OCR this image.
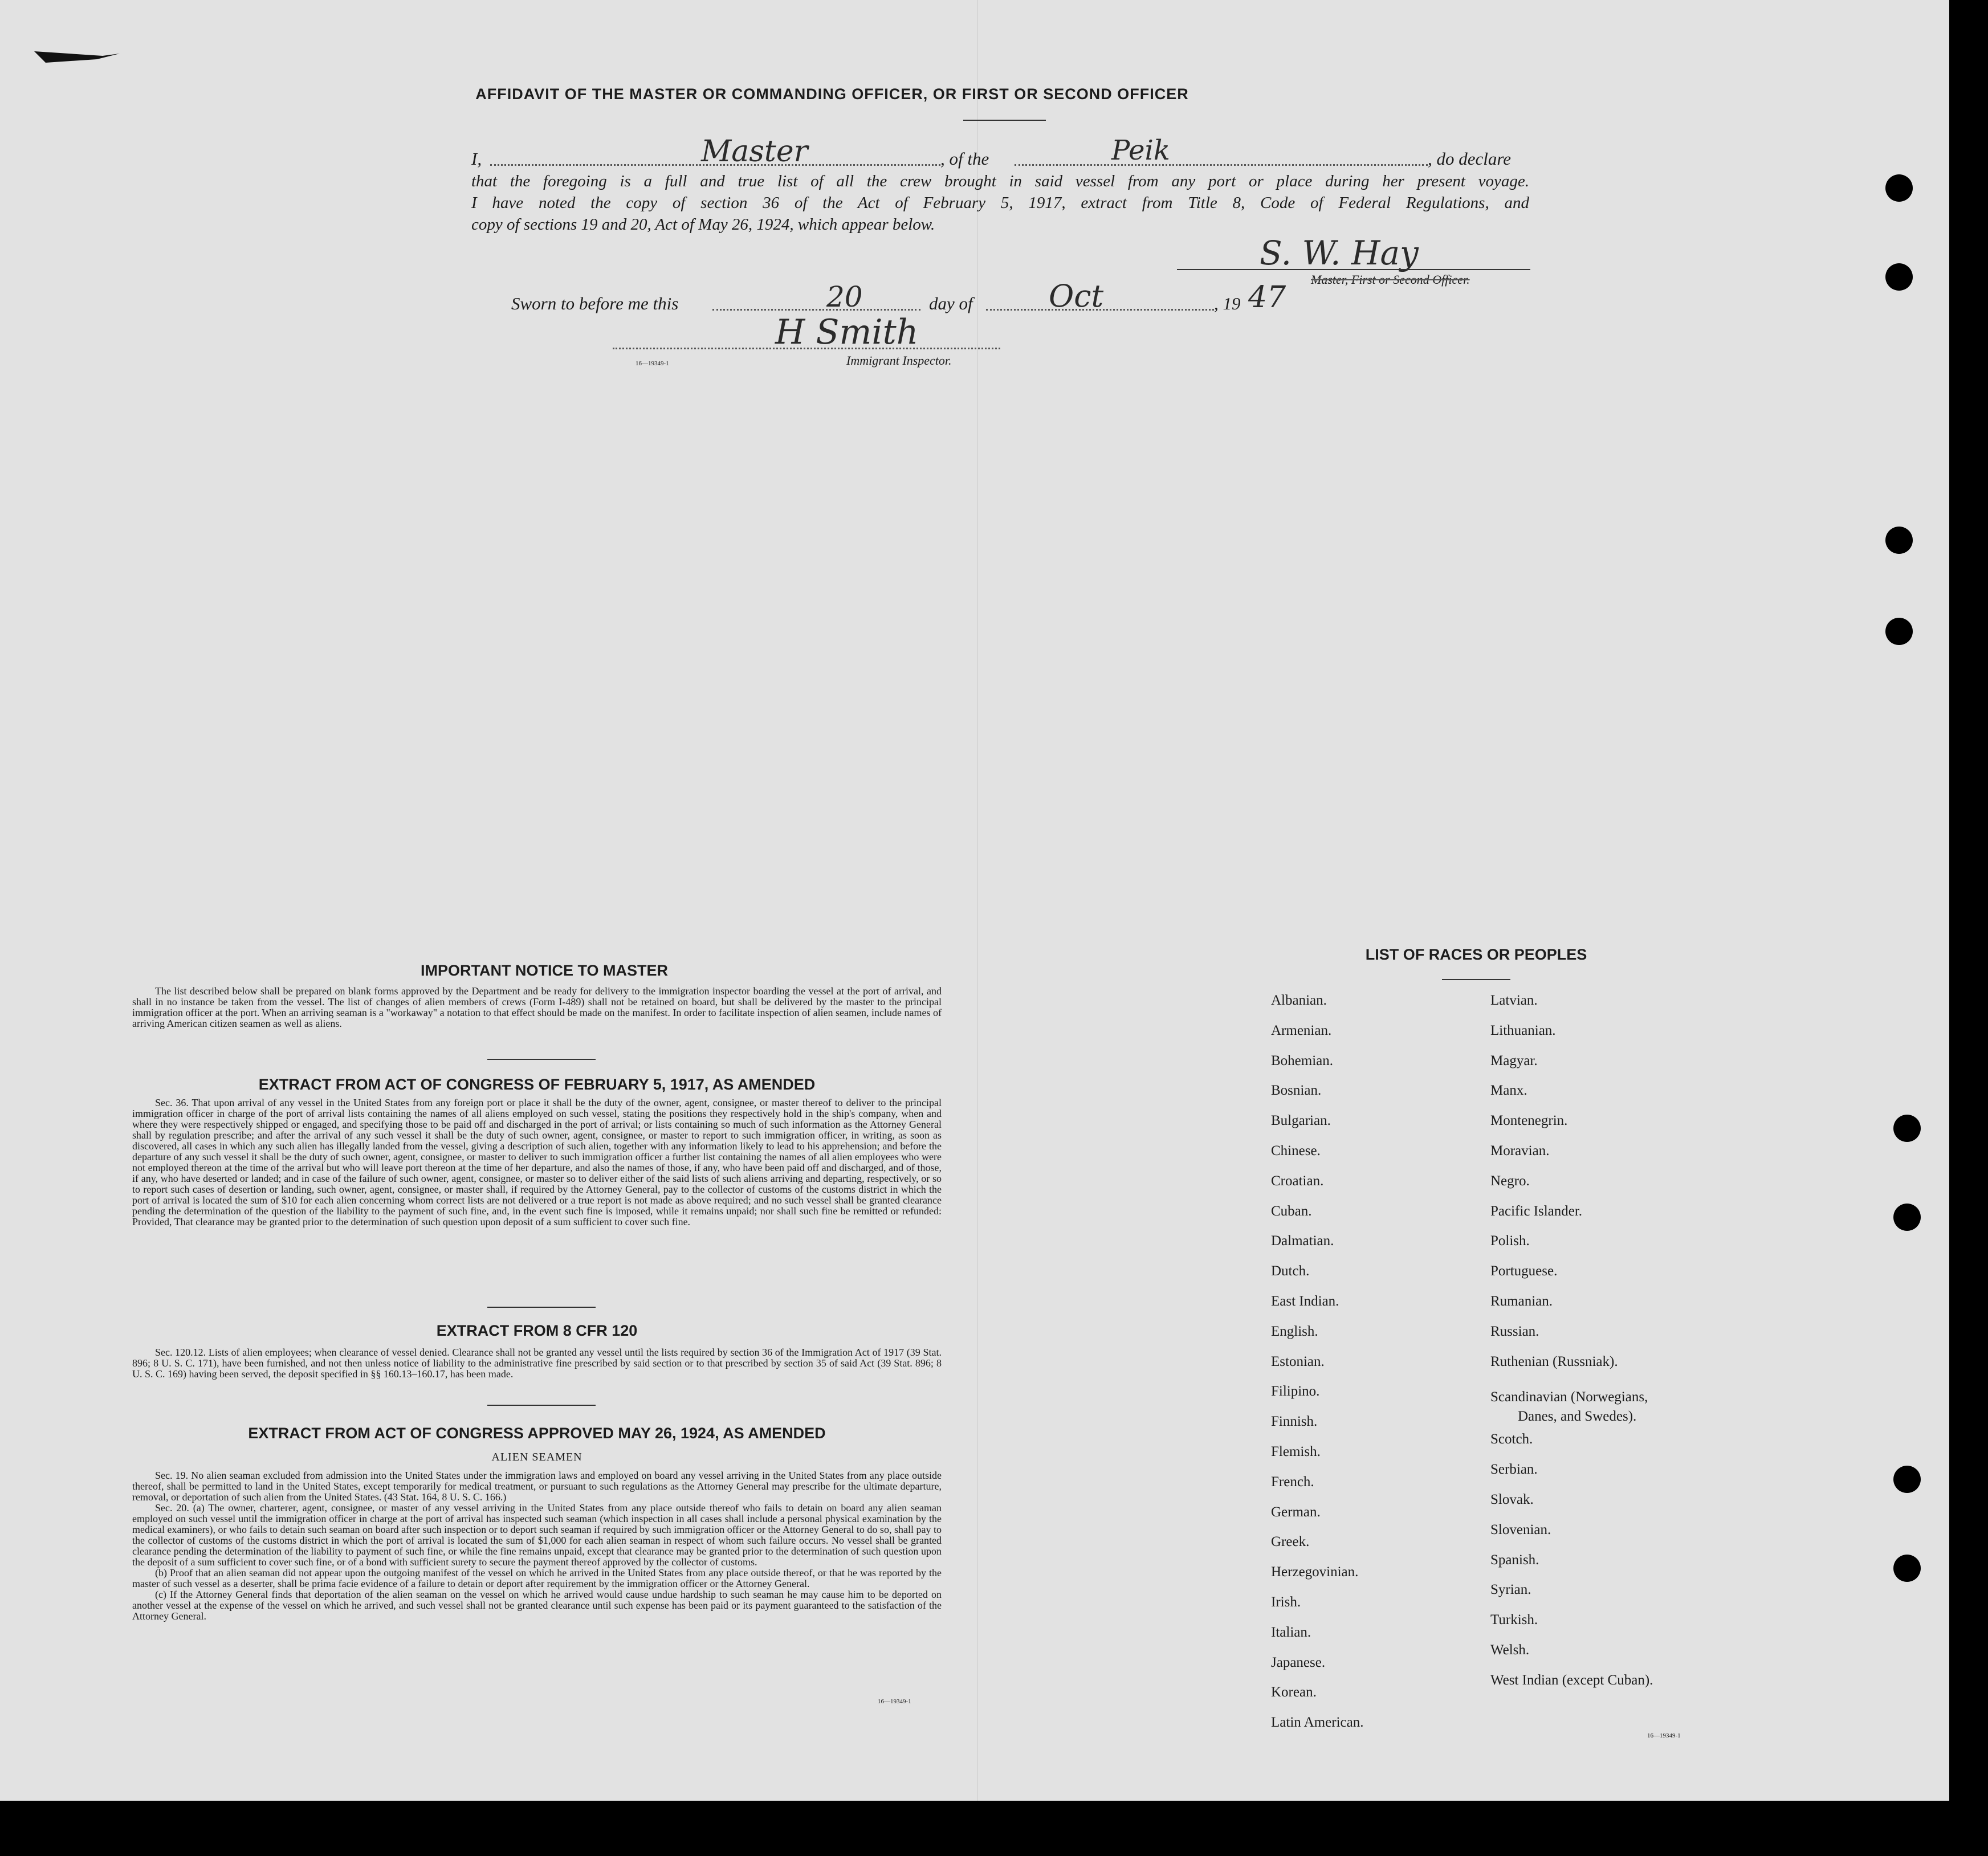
AFFIDAVIT OF THE MASTER OR COMMANDING OFFICER, OR FIRST OR SECOND OFFICER
I,	Master	, of the	Peik	, do declare
that the foregoing is a full and true list of all the crew brought in said vessel from any port or place during her present voyage.
I have noted the copy of section 36 of the Act of February 5, 1917, extract from Title 8, Code of Federal Regulations, and
copy of sections 19 and 20, Act of May 26, 1924, which appear below.
S. W. Hay
Master, First or Second Officer.
Sworn to before me this	20	day of Oct	, 19 47
H Smith
Immigrant Inspector.
16—19349-1
IMPORTANT NOTICE TO MASTER
The list described below shall be prepared on blank forms approved by the Department and be ready for delivery to the immigration inspector boarding the vessel at the port of arrival, and shall in no instance be taken from the vessel. The list of changes of alien members of crews (Form I-489) shall not be retained on board, but shall be delivered by the master to the principal immigration officer at the port. When an arriving seaman is a "workaway" a notation to that effect should be made on the manifest. In order to facilitate inspection of alien seamen, include names of arriving American citizen seamen as well as aliens.
EXTRACT FROM ACT OF CONGRESS OF FEBRUARY 5, 1917, AS AMENDED
Sec. 36. That upon arrival of any vessel in the United States from any foreign port or place it shall be the duty of the owner, agent, consignee, or master thereof to deliver to the principal immigration officer in charge of the port of arrival lists containing the names of all aliens employed on such vessel, stating the positions they respectively hold in the ship's company, when and where they were respectively shipped or engaged, and specifying those to be paid off and discharged in the port of arrival; or lists containing so much of such information as the Attorney General shall by regulation prescribe; and after the arrival of any such vessel it shall be the duty of such owner, agent, consignee, or master to report to such immigration officer, in writing, as soon as discovered, all cases in which any such alien has illegally landed from the vessel, giving a description of such alien, together with any information likely to lead to his apprehension; and before the departure of any such vessel it shall be the duty of such owner, agent, consignee, or master to deliver to such immigration officer a further list containing the names of all alien employees who were not employed thereon at the time of the arrival but who will leave port thereon at the time of her departure, and also the names of those, if any, who have been paid off and discharged, and of those, if any, who have deserted or landed; and in case of the failure of such owner, agent, consignee, or master so to deliver either of the said lists of such aliens arriving and departing, respectively, or so to report such cases of desertion or landing, such owner, agent, consignee, or master shall, if required by the Attorney General, pay to the collector of customs of the customs district in which the port of arrival is located the sum of $10 for each alien concerning whom correct lists are not delivered or a true report is not made as above required; and no such vessel shall be granted clearance pending the determination of the question of the liability to the payment of such fine, and, in the event such fine is imposed, while it remains unpaid; nor shall such fine be remitted or refunded: Provided, That clearance may be granted prior to the determination of such question upon deposit of a sum sufficient to cover such fine.
EXTRACT FROM 8 CFR 120
Sec. 120.12. Lists of alien employees; when clearance of vessel denied. Clearance shall not be granted any vessel until the lists required by section 36 of the Immigration Act of 1917 (39 Stat. 896; 8 U. S. C. 171), have been furnished, and not then unless notice of liability to the administrative fine prescribed by said section or to that prescribed by section 35 of said Act (39 Stat. 896; 8 U. S. C. 169) having been served, the deposit specified in §§ 160.13–160.17, has been made.
EXTRACT FROM ACT OF CONGRESS APPROVED MAY 26, 1924, AS AMENDED
ALIEN SEAMEN
Sec. 19. No alien seaman excluded from admission into the United States under the immigration laws and employed on board any vessel arriving in the United States from any place outside thereof, shall be permitted to land in the United States, except temporarily for medical treatment, or pursuant to such regulations as the Attorney General may prescribe for the ultimate departure, removal, or deportation of such alien from the United States. (43 Stat. 164, 8 U. S. C. 166.)
Sec. 20. (a) The owner, charterer, agent, consignee, or master of any vessel arriving in the United States from any place outside thereof who fails to detain on board any alien seaman employed on such vessel until the immigration officer in charge at the port of arrival has inspected such seaman (which inspection in all cases shall include a personal physical examination by the medical examiners), or who fails to detain such seaman on board after such inspection or to deport such seaman if required by such immigration officer or the Attorney General to do so, shall pay to the collector of customs of the customs district in which the port of arrival is located the sum of $1,000 for each alien seaman in respect of whom such failure occurs. No vessel shall be granted clearance pending the determination of the liability to payment of such fine, or while the fine remains unpaid, except that clearance may be granted prior to the determination of such question upon the deposit of a sum sufficient to cover such fine, or of a bond with sufficient surety to secure the payment thereof approved by the collector of customs.
(b) Proof that an alien seaman did not appear upon the outgoing manifest of the vessel on which he arrived in the United States from any place outside thereof, or that he was reported by the master of such vessel as a deserter, shall be prima facie evidence of a failure to detain or deport after requirement by the immigration officer or the Attorney General.
(c) If the Attorney General finds that deportation of the alien seaman on the vessel on which he arrived would cause undue hardship to such seaman he may cause him to be deported on another vessel at the expense of the vessel on which he arrived, and such vessel shall not be granted clearance until such expense has been paid or its payment guaranteed to the satisfaction of the Attorney General.
16—19349-1
LIST OF RACES OR PEOPLES
Albanian.
Armenian.
Bohemian.
Bosnian.
Bulgarian.
Chinese.
Croatian.
Cuban.
Dalmatian.
Dutch.
East Indian.
English.
Estonian.
Filipino.
Finnish.
Flemish.
French.
German.
Greek.
Herzegovinian.
Irish.
Italian.
Japanese.
Korean.
Latin American.
Latvian.
Lithuanian.
Magyar.
Manx.
Montenegrin.
Moravian.
Negro.
Pacific Islander.
Polish.
Portuguese.
Rumanian.
Russian.
Ruthenian (Russniak).
Scandinavian (Norwegians,
Danes, and Swedes).
Scotch.
Serbian.
Slovak.
Slovenian.
Spanish.
Syrian.
Turkish.
Welsh.
West Indian (except Cuban).
16—19349-1
